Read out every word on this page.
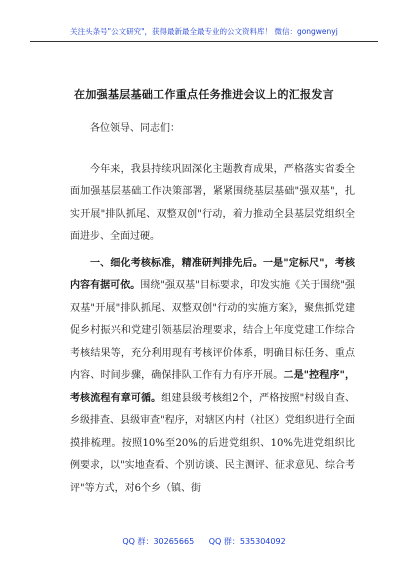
关注头条号"公文研究"，获得最新最全最专业的公文资料库！ 微信：gongwenyj
在加强基层基础工作重点任务推进会议上的汇报发言

各位领导、同志们：

今年来，我县持续巩固深化主题教育成果，严格落实省委全面加强基层基础工作决策部署，紧紧围绕基层基础"强双基"，扎实开展"排队抓尾、双整双创"行动，着力推动全县基层党组织全面进步、全面过硬。

一、细化考核标准，精准研判排先后。一是"定标尺"，考核内容有据可依。围绕"强双基"目标要求，印发实施《关于围绕"强双基"开展"排队抓尾、双整双创"行动的实施方案》，聚焦抓党建促乡村振兴和党建引领基层治理要求，结合上年度党建工作综合考核结果等，充分利用现有考核评价体系，明确目标任务、重点内容、时间步骤，确保排队工作有力有序开展。二是"控程序"，考核流程有章可循。组建县级考核组2个，严格按照"村级自查、乡级排查、县级审查"程序，对辖区内村（社区）党组织进行全面摸排梳理。按照10%至20%的后进党组织、10%先进党组织比例要求，以"实地查看、个别访谈、民主测评、征求意见、综合考评"等方式，对6个乡（镇、街

QQ 群：30265665 QQ 群：535304092
